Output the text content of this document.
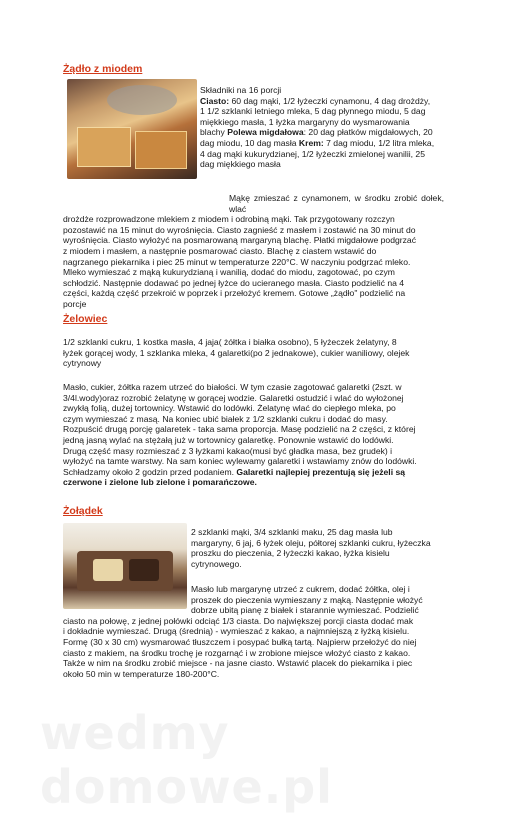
wedmy domowe.pl
Żądło z miodem
Składniki na 16 porcji
Ciasto: 60 dag mąki, 1/2 łyżeczki cynamonu, 4 dag drożdży,
1 1/2 szklanki letniego mleka, 5 dag płynnego miodu, 5 dag
miękkiego masła, 1 łyżka margaryny do wysmarowania
blachy Polewa migdałowa: 20 dag płatków migdałowych, 20
dag miodu, 10 dag masła Krem: 7 dag miodu, 1/2 litra mleka,
4 dag mąki kukurydzianej, 1/2 łyżeczki zmielonej wanilii, 25
dag miękkiego masła
Mąkę zmieszać z cynamonem, w środku zrobić dołek, wlać
drożdże rozprowadzone mlekiem z miodem i odrobiną mąki. Tak przygotowany rozczyn
pozostawić na 15 minut do wyrośnięcia. Ciasto zagnieść z masłem i zostawić na 30 minut do
wyrośnięcia. Ciasto wyłożyć na posmarowaną margaryną blachę. Płatki migdałowe podgrzać
z miodem i masłem, a następnie posmarować ciasto. Blachę z ciastem wstawić do
nagrzanego piekarnika i piec 25 minut w temperaturze 220°C. W naczyniu podgrzać mleko.
Mleko wymieszać z mąką kukurydzianą i wanilią, dodać do miodu, zagotować, po czym
schłodzić. Następnie dodawać po jednej łyżce do ucieranego masła. Ciasto podzielić na 4
części, każdą część przekroić w poprzek i przełożyć kremem. Gotowe „żądło" podzielić na
porcje
Żelowiec
1/2 szklanki cukru, 1 kostka masła, 4 jaja( żółtka i białka osobno), 5 łyżeczek żelatyny, 8
łyżek gorącej wody, 1 szklanka mleka, 4 galaretki(po 2 jednakowe), cukier waniliowy, olejek
cytrynowy
Masło, cukier, żółtka razem utrzeć do białości. W tym czasie zagotować galaretki (2szt. w
3/4l.wody)oraz rozrobić żelatynę w gorącej wodzie. Galaretki ostudzić i wlać do wyłożonej
zwykłą folią, dużej tortownicy. Wstawić do lodówki. Żelatynę wlać do ciepłego mleka, po
czym wymieszać z masą. Na koniec ubić białek z 1/2 szklanki cukru i dodać do masy.
Rozpuścić drugą porcję galaretek - taka sama proporcja. Masę podzielić na 2 części, z której
jedną jasną wylać na stężałą już w tortownicy galaretkę. Ponownie wstawić do lodówki.
Drugą część masy rozmieszać z 3 łyżkami kakao(musi być gładka masa, bez grudek) i
wyłożyć na tamte warstwy. Na sam koniec wylewamy galaretki i wstawiamy znów do lodówki.
Schładzamy około 2 godzin przed podaniem. Galaretki najlepiej prezentują się jeżeli są
czerwone i zielone lub zielone i pomarańczowe.
Żołądek
2 szklanki mąki, 3/4 szklanki maku, 25 dag masła lub
margaryny, 6 jaj, 6 łyżek oleju, półtorej szklanki cukru, łyżeczka
proszku do pieczenia, 2 łyżeczki kakao, łyżka kisielu
cytrynowego.
Masło lub margarynę utrzeć z cukrem, dodać żółtka, olej i
proszek do pieczenia wymieszany z mąką. Następnie włożyć
dobrze ubitą pianę z białek i starannie wymieszać. Podzielić
ciasto na połowę, z jednej połówki odciąć 1/3 ciasta. Do największej porcji ciasta dodać mak
i dokładnie wymieszać. Drugą (średnią) - wymieszać z kakao, a najmniejszą z łyżką kisielu.
Formę (30 x 30 cm) wysmarować tłuszczem i posypać bułką tartą. Najpierw przełożyć do niej
ciasto z makiem, na środku trochę je rozgarnąć i w zrobione miejsce włożyć ciasto z kakao.
Także w nim na środku zrobić miejsce - na jasne ciasto. Wstawić placek do piekarnika i piec
około 50 min w temperaturze 180-200°C.
